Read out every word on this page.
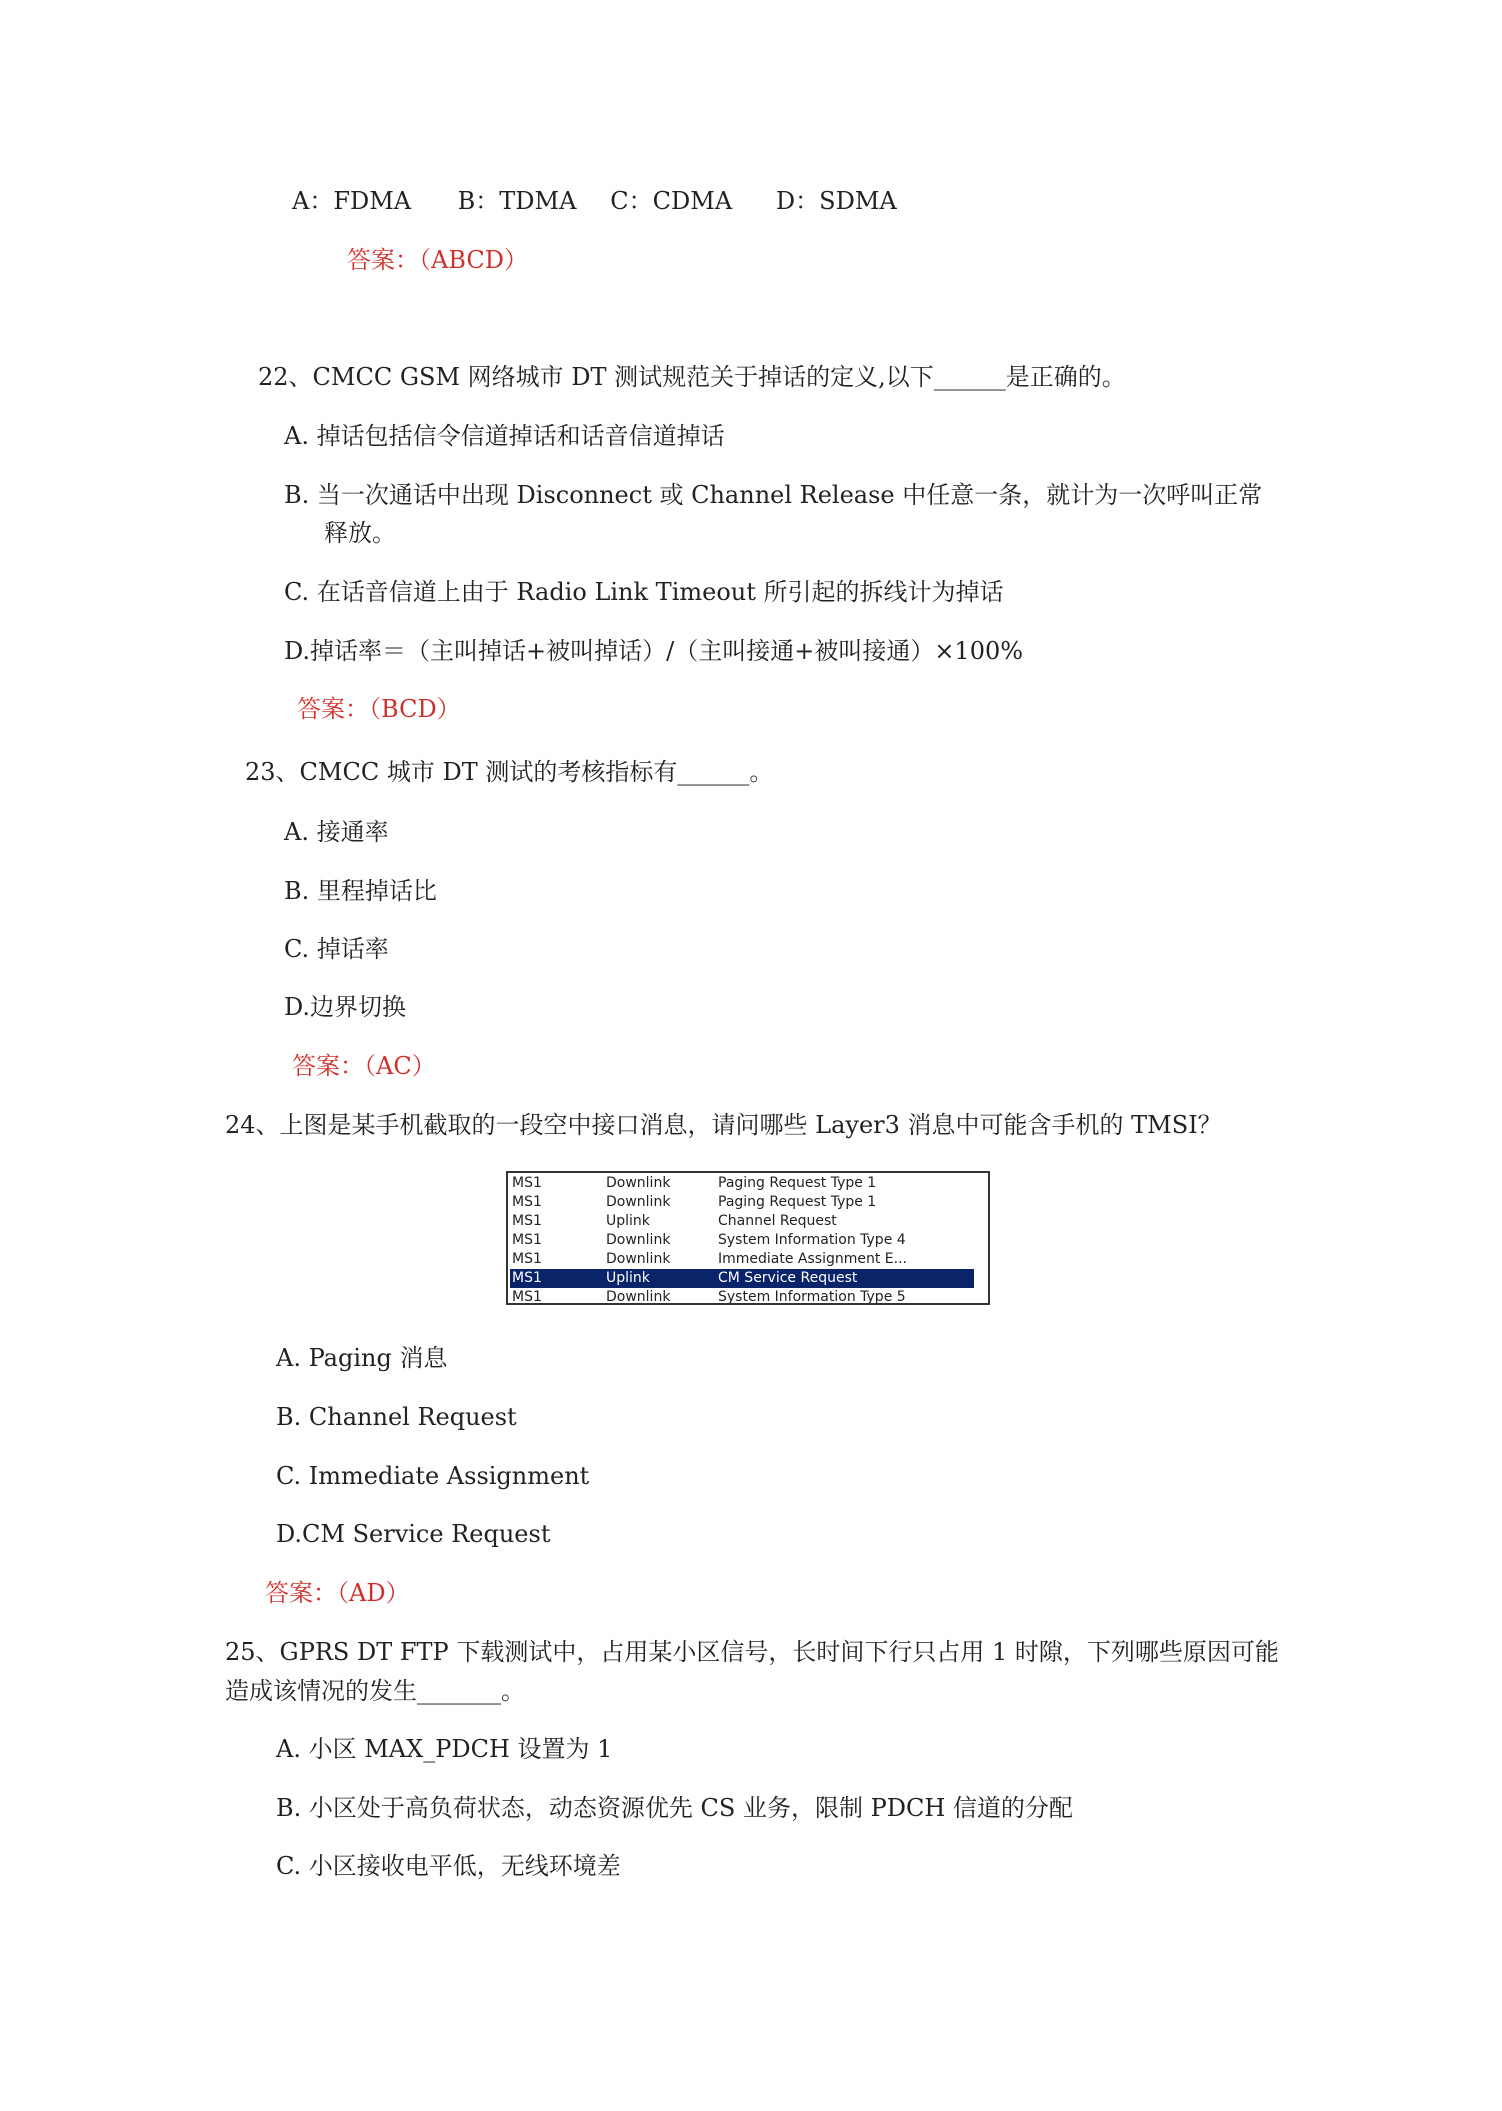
A：FDMA B：TDMA C：CDMA D：SDMA
答案：（ABCD）
22、CMCC GSM 网络城市 DT 测试规范关于掉话的定义,以下______是正确的。
A. 掉话包括信令信道掉话和话音信道掉话
B. 当一次通话中出现 Disconnect 或 Channel Release 中任意一条，就计为一次呼叫正常
释放。
C. 在话音信道上由于 Radio Link Timeout 所引起的拆线计为掉话
D.掉话率＝（主叫掉话+被叫掉话）/（主叫接通+被叫接通）×100%
答案：（BCD）
23、CMCC 城市 DT 测试的考核指标有______。
A. 接通率
B. 里程掉话比
C. 掉话率
D.边界切换
答案：（AC）
24、上图是某手机截取的一段空中接口消息，请问哪些 Layer3 消息中可能含手机的 TMSI？
MS1	Downlink	Paging Request Type 1
MS1	Downlink	Paging Request Type 1
MS1	Uplink	Channel Request
MS1	Downlink	System Information Type 4
MS1	Downlink	Immediate Assignment E...
MS1	Uplink	CM Service Request
MS1	Downlink	System Information Type 5
A. Paging 消息
B. Channel Request
C. Immediate Assignment
D.CM Service Request
答案：（AD）
25、GPRS DT FTP 下载测试中，占用某小区信号，长时间下行只占用 1 时隙，下列哪些原因可能
造成该情况的发生_______。
A. 小区 MAX_PDCH 设置为 1
B. 小区处于高负荷状态，动态资源优先 CS 业务，限制 PDCH 信道的分配
C. 小区接收电平低，无线环境差
